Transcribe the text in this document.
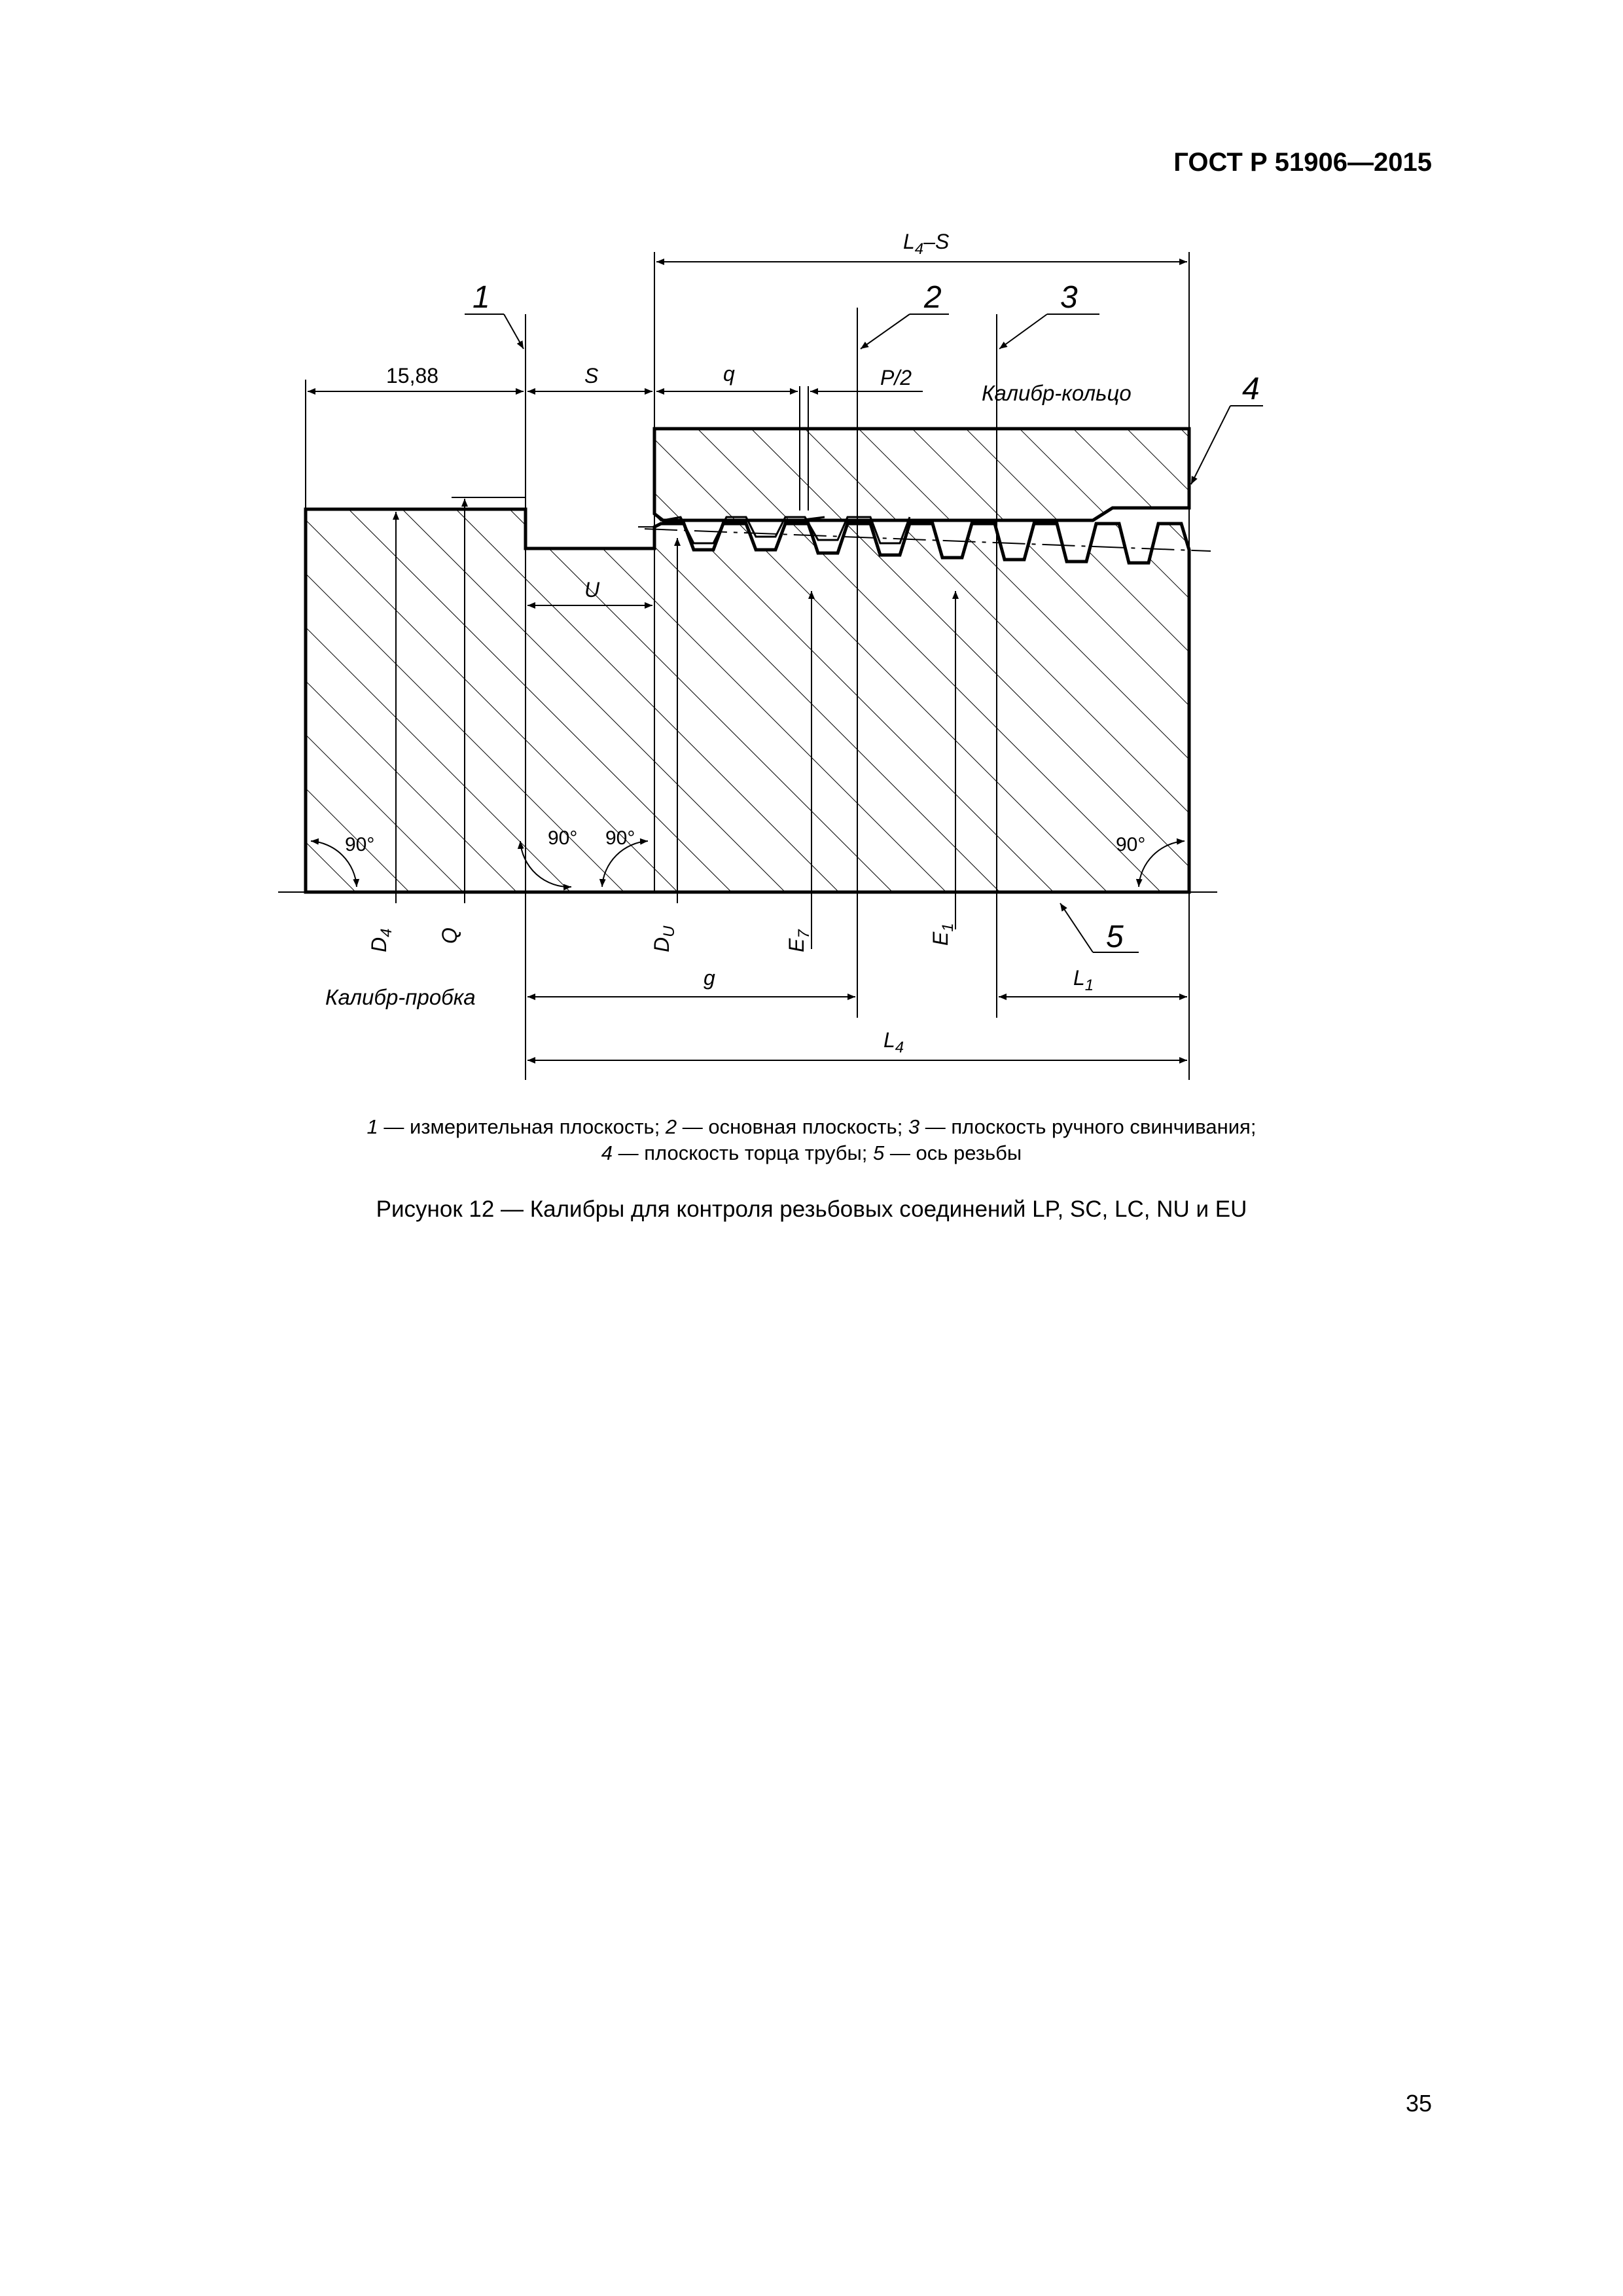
ГОСТ Р 51906—2015
$L_4-S$
15,88	S	q	P/2
Калибр-кольцо
1	2	3
4
5
U
$D_4$ Q
$D_U$
$E_7$	$E_1$
90°	90° 90°	90°
Калибр-пробка
g	$L_1$
$L_4$
1 — измерительная плоскость; 2 — основная плоскость; 3 — плоскость ручного свинчивания;
4 — плоскость торца трубы; 5 — ось резьбы
Рисунок 12 — Калибры для контроля резьбовых соединений LP, SC, LC, NU и EU
35
